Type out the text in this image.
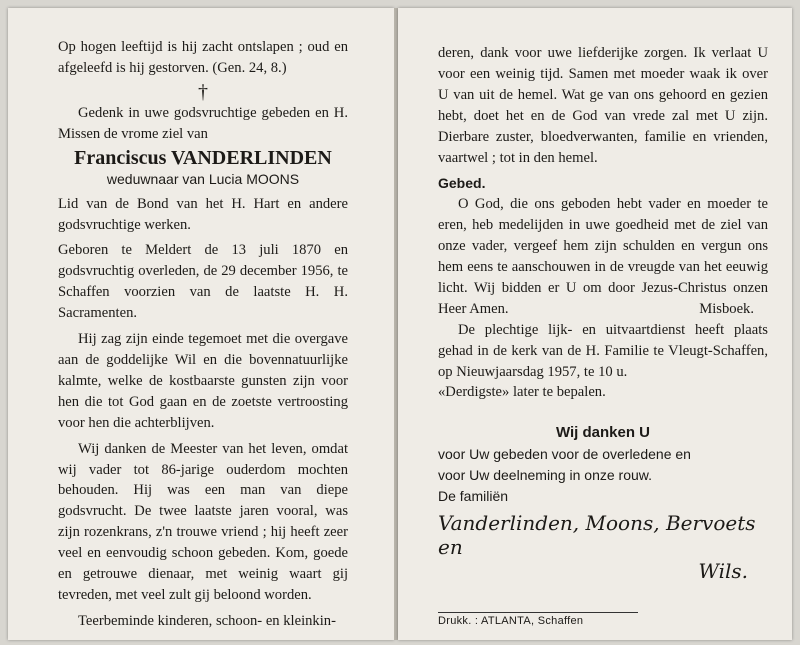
Op hogen leeftijd is hij zacht ontslapen ; oud en afgeleefd is hij gestorven. (Gen. 24, 8.)

†

Gedenk in uwe godsvruchtige gebeden en H. Missen de vrome ziel van

Franciscus VANDERLINDEN

weduwnaar van Lucia MOONS

Lid van de Bond van het H. Hart en andere godsvruchtige werken.

Geboren te Meldert de 13 juli 1870 en godsvruchtig overleden, de 29 december 1956, te Schaffen voorzien van de laatste H. H. Sacramenten.

Hij zag zijn einde tegemoet met die overgave aan de goddelijke Wil en die bovennatuurlijke kalmte, welke de kostbaarste gunsten zijn voor hen die tot God gaan en de zoetste vertroosting voor hen die achterblijven.

Wij danken de Meester van het leven, omdat wij vader tot 86-jarige ouderdom mochten behouden. Hij was een man van diepe godsvrucht. De twee laatste jaren vooral, was zijn rozenkrans, z'n trouwe vriend ; hij heeft zeer veel en eenvoudig schoon gebeden. Kom, goede en getrouwe dienaar, met weinig waart gij tevreden, met veel zult gij beloond worden.

Teerbeminde kinderen, schoon- en kleinkin-

deren, dank voor uwe liefderijke zorgen. Ik verlaat U voor een weinig tijd. Samen met moeder waak ik over U van uit de hemel. Wat ge van ons gehoord en gezien hebt, doet het en de God van vrede zal met U zijn. Dierbare zuster, bloedverwanten, familie en vrienden, vaartwel ; tot in den hemel.

Gebed.

O God, die ons geboden hebt vader en moeder te eren, heb medelijden in uwe goedheid met de ziel van onze vader, vergeef hem zijn schulden en vergun ons hem eens te aanschouwen in de vreugde van het eeuwig licht. Wij bidden er U om door Jezus-Christus onzen Heer Amen.	Misboek.

De plechtige lijk- en uitvaartdienst heeft plaats gehad in de kerk van de H. Familie te Vleugt-Schaffen, op Nieuwjaarsdag 1957, te 10 u.

«Derdigste» later te bepalen.

Wij danken U

voor Uw gebeden voor de overledene en

voor Uw deelneming in onze rouw.

De familiën

Vanderlinden, Moons, Bervoets en

Wils.

Drukk. : ATLANTA, Schaffen
